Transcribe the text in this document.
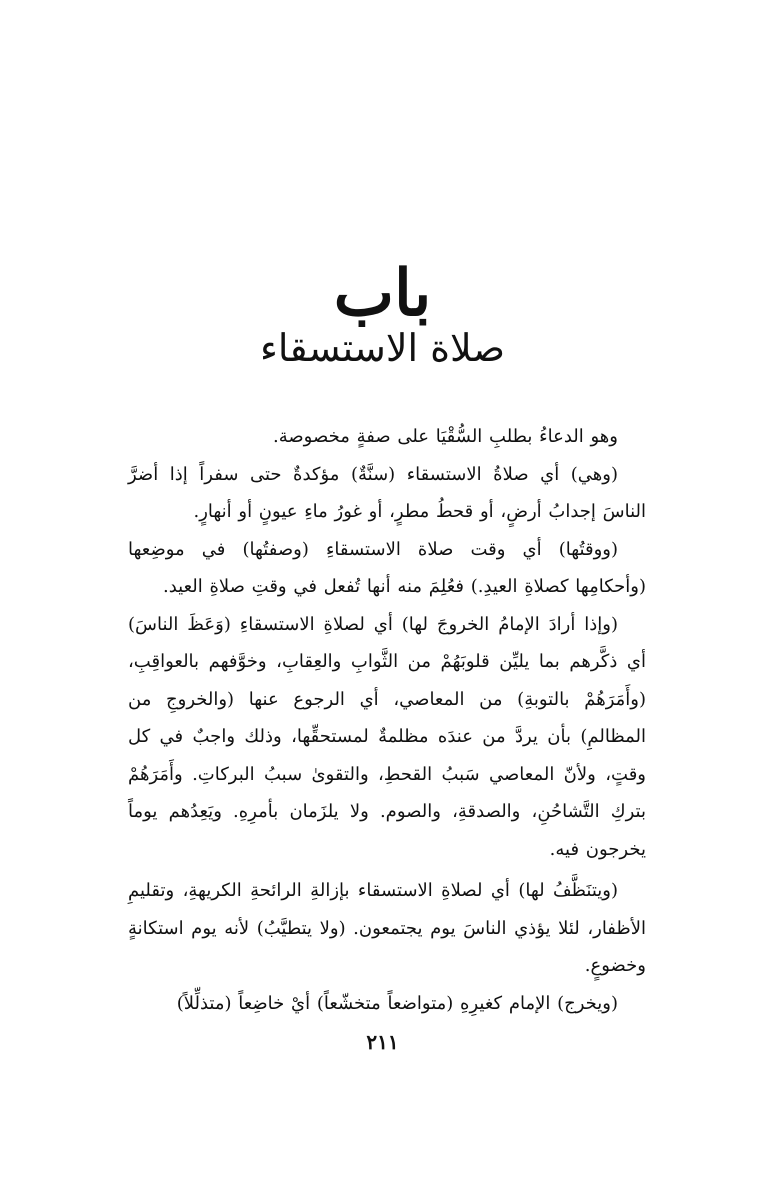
باب
صلاة الاستسقاء

وهو الدعاءُ بطلبِ السُّقْيَا على صفةٍ مخصوصة.

(وهي) أي صلاةُ الاستسقاء (سنَّةٌ) مؤكدةٌ حتى سفراً إذا أضرَّ الناسَ إجدابُ أرضٍ، أو قحطُ مطرٍ، أو غورُ ماءِ عيونٍ أو أنهارٍ.

(ووقتُها) أي وقت صلاة الاستسقاءِ (وصفتُها) في موضِعها (وأحكامِها كصلاةِ العيدِ.) فعُلِمَ منه أنها تُفعل في وقتِ صلاةِ العيد.

(وإذا أرادَ الإمامُ الخروجَ لها) أي لصلاةِ الاستسقاءِ (وَعَظَ الناسَ) أي ذكَّرهم بما يليِّن قلوبَهُمْ من الثَّوابِ والعِقابِ، وخوَّفهم بالعواقِبِ، (وأَمَرَهُمْ بالتوبةِ) من المعاصي، أي الرجوع عنها (والخروجِ من المظالمِ) بأن يردَّ من عندَه مظلمةٌ لمستحقِّها، وذلك واجبٌ في كل وقتٍ، ولأنّ المعاصي سَببُ القحطِ، والتقوىٰ سببُ البركاتِ. وأَمَرَهُمْ بتركِ التَّشاحُنِ، والصدقةِ، والصوم. ولا يلزَمان بأمرِهِ. ويَعِدُهم يوماً يخرجون فيه.

(ويتنَظَّفُ لها) أي لصلاةِ الاستسقاء بإزالةِ الرائحةِ الكريهةِ، وتقليمِ الأظفار، لئلا يؤذي الناسَ يوم يجتمعون. (ولا يتطيَّبُ) لأنه يوم استكانةٍ وخضوعٍ.

(ويخرج) الإمام كغيرِهِ (متواضعاً متخشّعاً) أيْ خاضِعاً (متذلِّلاً)

٢١١
